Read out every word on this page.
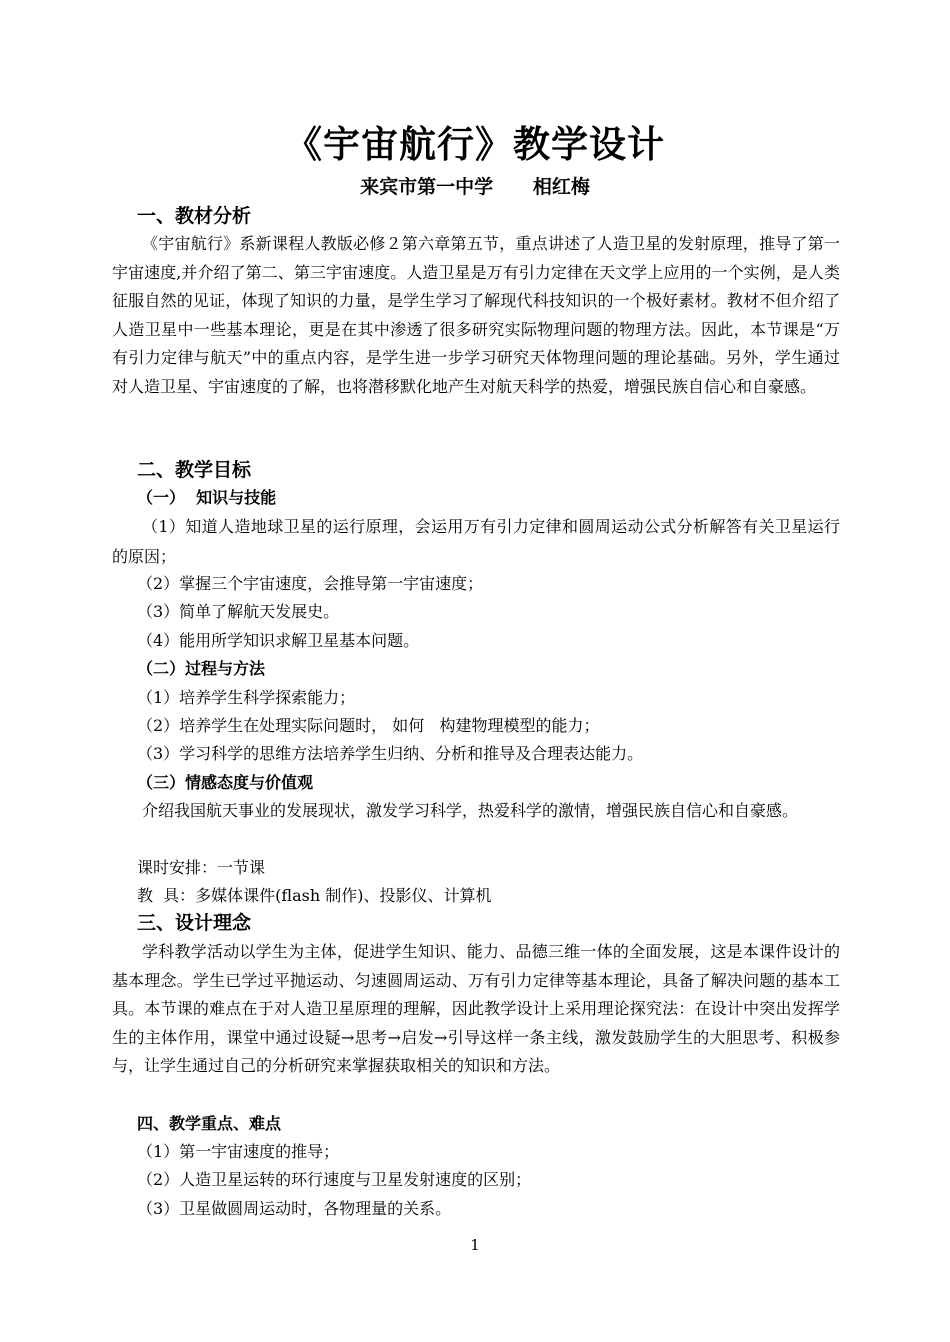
《宇宙航行》教学设计
来宾市第一中学      相红梅
一、教材分析
《宇宙航行》系新课程人教版必修２第六章第五节，重点讲述了人造卫星的发射原理，推导了第一宇宙速度,并介绍了第二、第三宇宙速度。人造卫星是万有引力定律在天文学上应用的一个实例，是人类征服自然的见证，体现了知识的力量，是学生学习了解现代科技知识的一个极好素材。教材不但介绍了人造卫星中一些基本理论，更是在其中渗透了很多研究实际物理问题的物理方法。因此，本节课是“万有引力定律与航天”中的重点内容，是学生进一步学习研究天体物理问题的理论基础。另外，学生通过对人造卫星、宇宙速度的了解，也将潜移默化地产生对航天科学的热爱，增强民族自信心和自豪感。
二、教学目标
（一）  知识与技能
（1）知道人造地球卫星的运行原理，会运用万有引力定律和圆周运动公式分析解答有关卫星运行的原因；
（2）掌握三个宇宙速度，会推导第一宇宙速度；
（3）简单了解航天发展史。
（4）能用所学知识求解卫星基本问题。
（二）过程与方法
（1）培养学生科学探索能力；
（2）培养学生在处理实际问题时， 如何   构建物理模型的能力；
（3）学习科学的思维方法培养学生归纳、分析和推导及合理表达能力。
（三）情感态度与价值观
介绍我国航天事业的发展现状，激发学习科学，热爱科学的激情，增强民族自信心和自豪感。
课时安排：一节课
教  具：多媒体课件(flash 制作)、投影仪、计算机
三、设计理念
学科教学活动以学生为主体，促进学生知识、能力、品德三维一体的全面发展，这是本课件设计的基本理念。学生已学过平抛运动、匀速圆周运动、万有引力定律等基本理论，具备了解决问题的基本工具。本节课的难点在于对人造卫星原理的理解，因此教学设计上采用理论探究法：在设计中突出发挥学生的主体作用，课堂中通过设疑→思考→启发→引导这样一条主线，激发鼓励学生的大胆思考、积极参与，让学生通过自己的分析研究来掌握获取相关的知识和方法。
四、教学重点、难点
（1）第一宇宙速度的推导；
（2）人造卫星运转的环行速度与卫星发射速度的区别；
（3）卫星做圆周运动时，各物理量的关系。
1
